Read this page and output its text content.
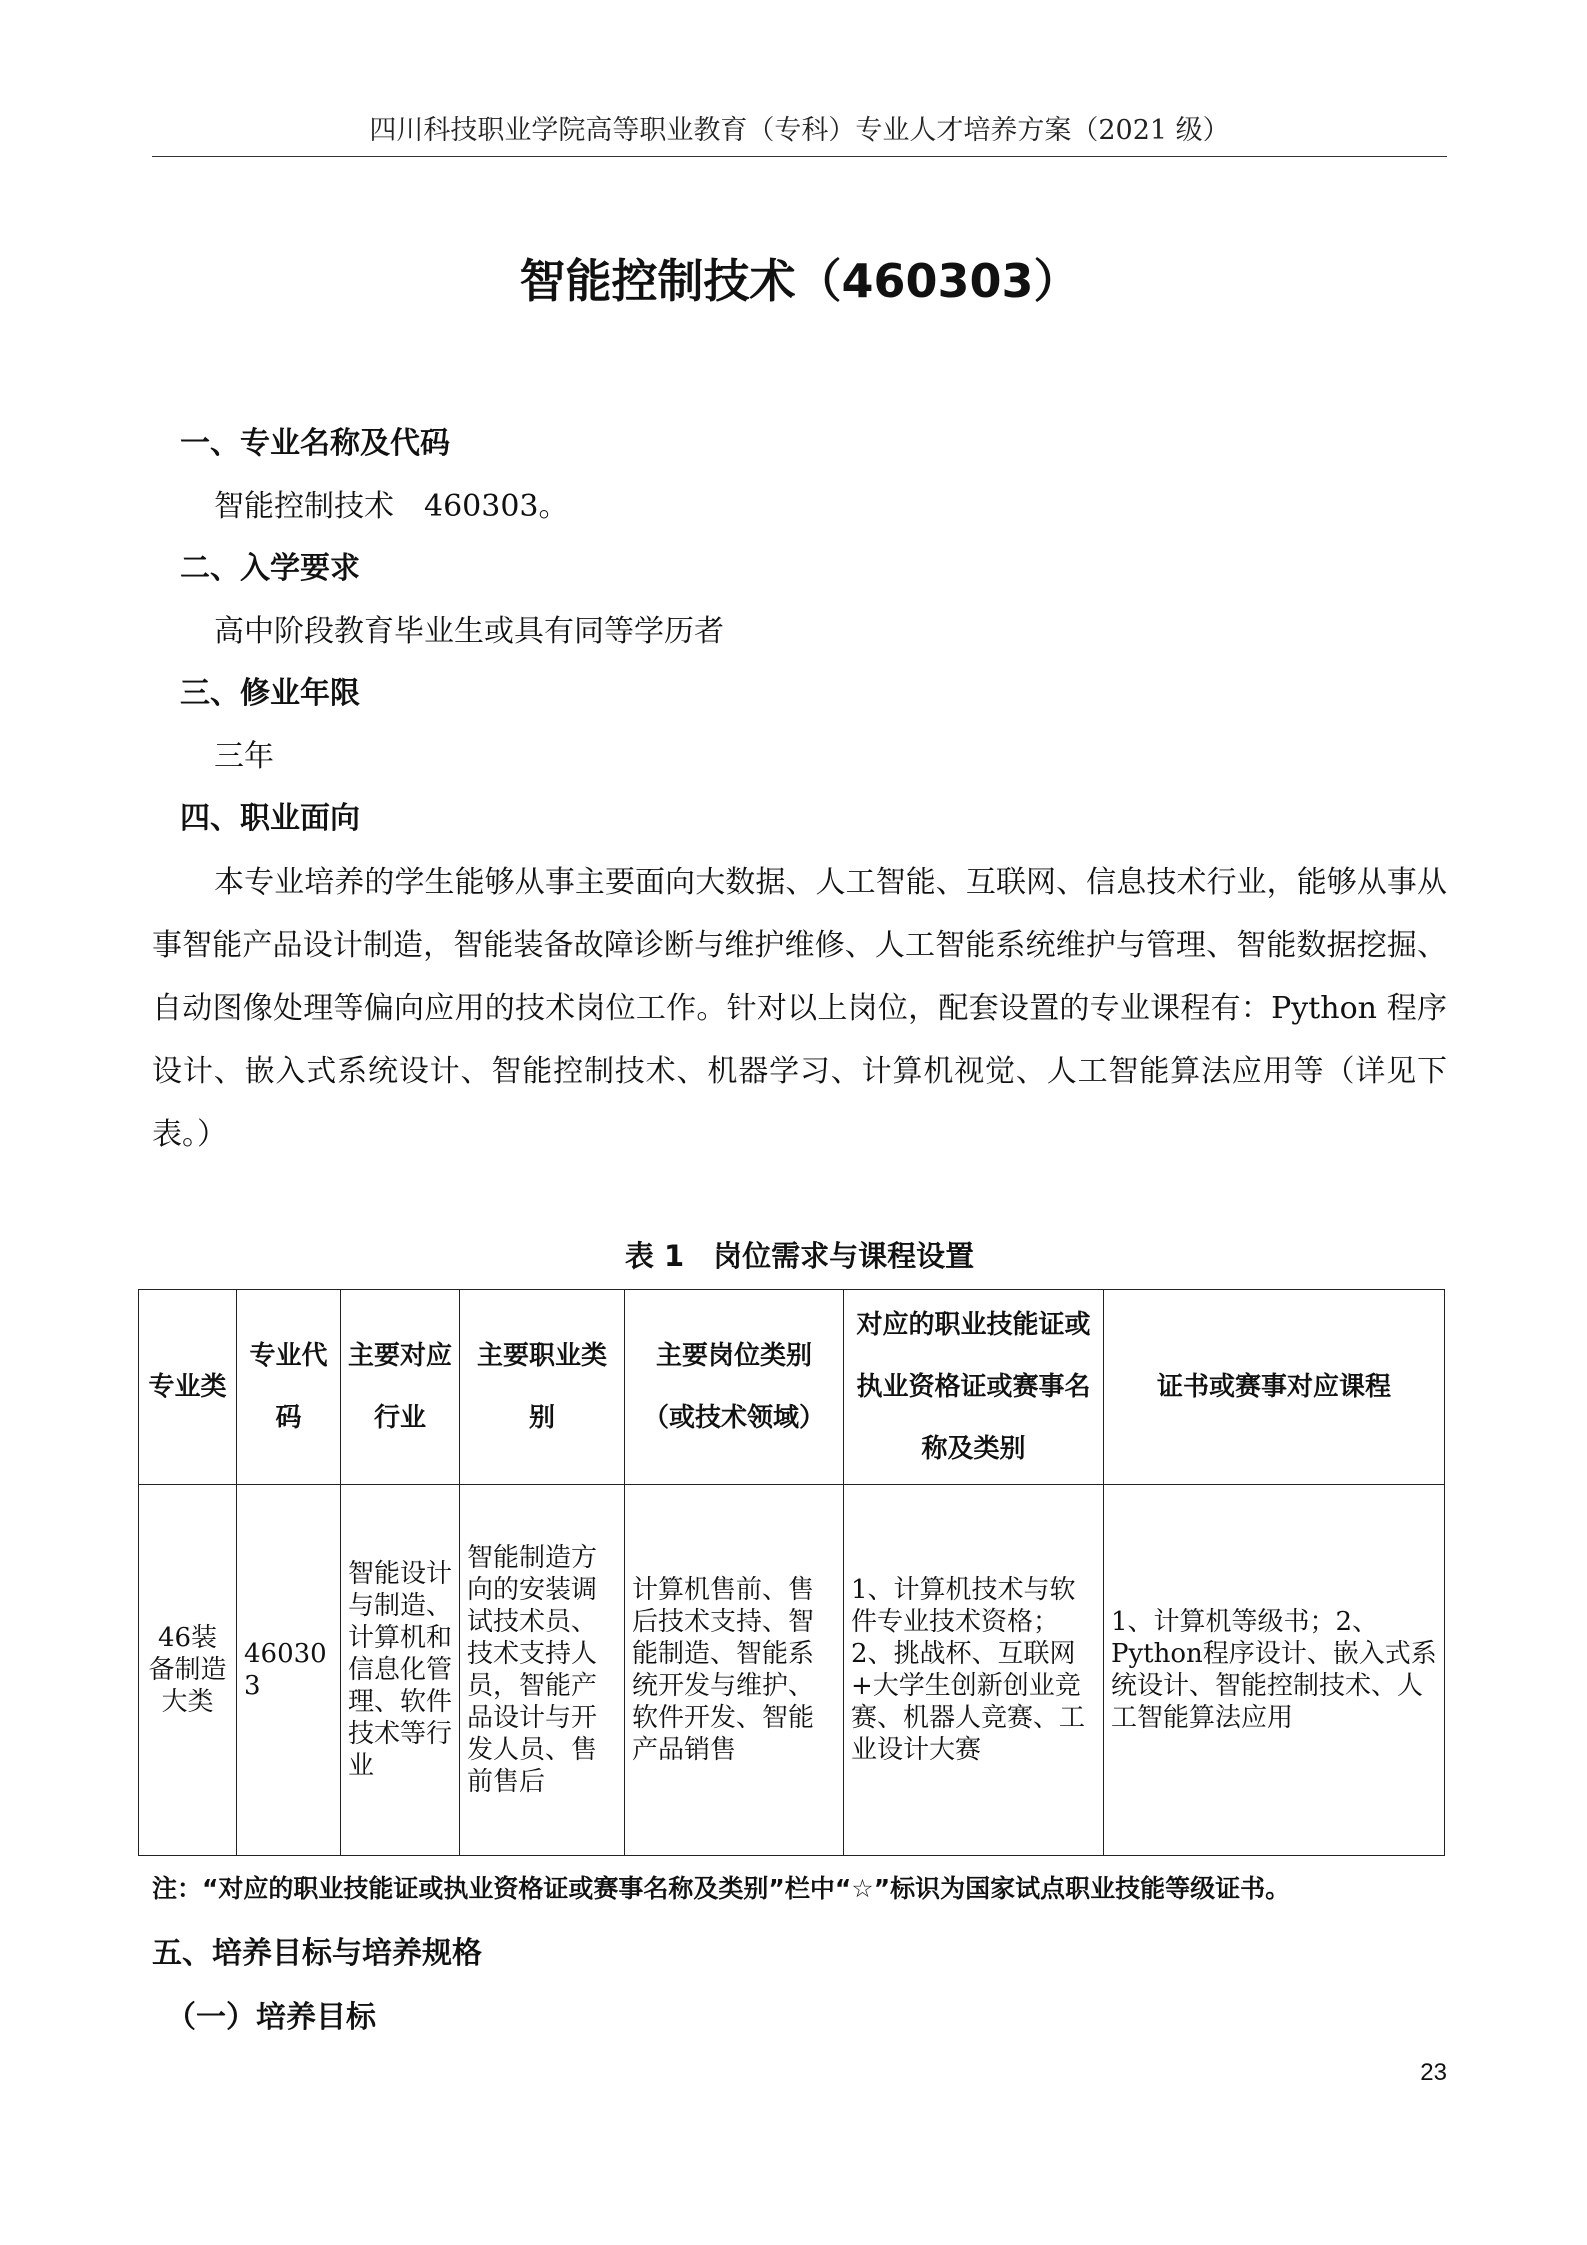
四川科技职业学院高等职业教育（专科）专业人才培养方案（2021 级）
智能控制技术（460303）
一、专业名称及代码
智能控制技术　460303。
二、入学要求
高中阶段教育毕业生或具有同等学历者
三、修业年限
三年
四、职业面向

本专业培养的学生能够从事主要面向大数据、人工智能、互联网、信息技术行业，能够从事从事智能产品设计制造，智能装备故障诊断与维护维修、人工智能系统维护与管理、智能数据挖掘、自动图像处理等偏向应用的技术岗位工作。针对以上岗位，配套设置的专业课程有：Python 程序设计、嵌入式系统设计、智能控制技术、机器学习、计算机视觉、人工智能算法应用等（详见下表。）

表 1　岗位需求与课程设置
专业类	专业代码	主要对应行业	主要职业类别	主要岗位类别（或技术领域）	对应的职业技能证或执业资格证或赛事名称及类别	证书或赛事对应课程
46装备制造大类	460303	智能设计与制造、计算机和信息化管理、软件技术等行业	智能制造方向的安装调试技术员、技术支持人员，智能产品设计与开发人员、售前售后	计算机售前、售后技术支持、智能制造、智能系统开发与维护、软件开发、智能产品销售	1、计算机技术与软件专业技术资格；2、挑战杯、互联网+大学生创新创业竞赛、机器人竞赛、工业设计大赛	1、计算机等级书；2、Python程序设计、嵌入式系统设计、智能控制技术、人工智能算法应用
注：“对应的职业技能证或执业资格证或赛事名称及类别”栏中“☆”标识为国家试点职业技能等级证书。
五、培养目标与培养规格
（一）培养目标
23
